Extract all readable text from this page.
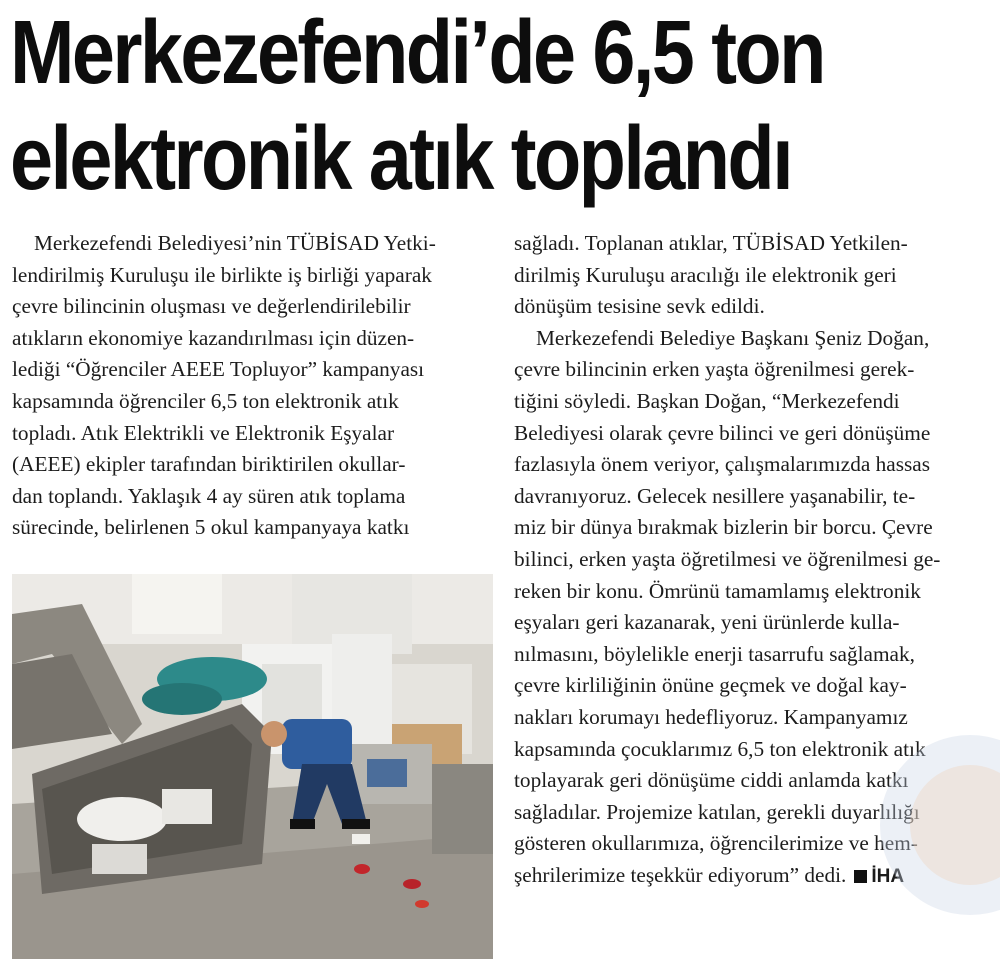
Merkezefendi’de 6,5 ton
elektronik atık toplandı
Merkezefendi Belediyesi’nin TÜBİSAD Yetki-
lendirilmiş Kuruluşu ile birlikte iş birliği yaparak
çevre bilincinin oluşması ve değerlendirilebilir
atıkların ekonomiye kazandırılması için düzen-
lediği “Öğrenciler AEEE Topluyor” kampanyası
kapsamında öğrenciler 6,5 ton elektronik atık
topladı. Atık Elektrikli ve Elektronik Eşyalar
(AEEE) ekipler tarafından biriktirilen okullar-
dan toplandı. Yaklaşık 4 ay süren atık toplama
sürecinde, belirlenen 5 okul kampanyaya katkı
sağladı. Toplanan atıklar, TÜBİSAD Yetkilen-
dirilmiş Kuruluşu aracılığı ile elektronik geri
dönüşüm tesisine sevk edildi.
Merkezefendi Belediye Başkanı Şeniz Doğan,
çevre bilincinin erken yaşta öğrenilmesi gerek-
tiğini söyledi. Başkan Doğan, “Merkezefendi
Belediyesi olarak çevre bilinci ve geri dönüşüme
fazlasıyla önem veriyor, çalışmalarımızda hassas
davranıyoruz. Gelecek nesillere yaşanabilir, te-
miz bir dünya bırakmak bizlerin bir borcu. Çevre
bilinci, erken yaşta öğretilmesi ve öğrenilmesi ge-
reken bir konu. Ömrünü tamamlamış elektronik
eşyaları geri kazanarak, yeni ürünlerde kulla-
nılmasını, böylelikle enerji tasarrufu sağlamak,
çevre kirliliğinin önüne geçmek ve doğal kay-
nakları korumayı hedefliyoruz. Kampanyamız
kapsamında çocuklarımız 6,5 ton elektronik atık
toplayarak geri dönüşüme ciddi anlamda katkı
sağladılar. Projemize katılan, gerekli duyarlılığı
gösteren okullarımıza, öğrencilerimize ve hem-
şehrilerimize teşekkür ediyorum” dedi. İHA
